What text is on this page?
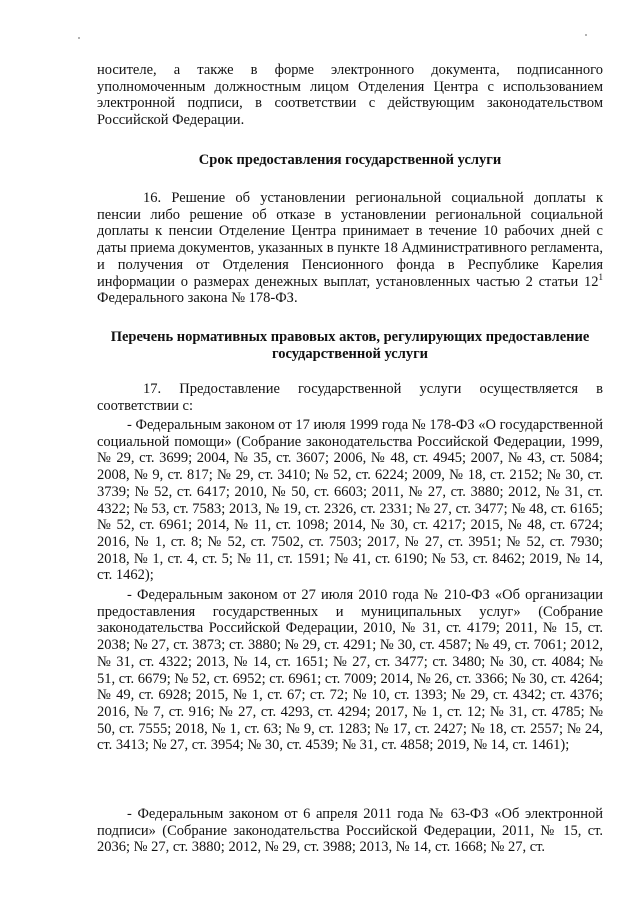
носителе, а также в форме электронного документа, подписанного уполномоченным должностным лицом Отделения Центра с использованием электронной подписи, в соответствии с действующим законодательством Российской Федерации.

Срок предоставления государственной услуги

16. Решение об установлении региональной социальной доплаты к пенсии либо решение об отказе в установлении региональной социальной доплаты к пенсии Отделение Центра принимает в течение 10 рабочих дней с даты приема документов, указанных в пункте 18 Административного регламента, и получения от Отделения Пенсионного фонда в Республике Карелия информации о размерах денежных выплат, установленных частью 2 статьи $12^1$ Федерального закона № 178-ФЗ.

Перечень нормативных правовых актов, регулирующих предоставление государственной услуги

17. Предоставление государственной услуги осуществляется в соответствии с:

- Федеральным законом от 17 июля 1999 года № 178-ФЗ «О государственной социальной помощи» (Собрание законодательства Российской Федерации, 1999, № 29, ст. 3699; 2004, № 35, ст. 3607; 2006, № 48, ст. 4945; 2007, № 43, ст. 5084; 2008, № 9, ст. 817; № 29, ст. 3410; № 52, ст. 6224; 2009, № 18, ст. 2152; № 30, ст. 3739; № 52, ст. 6417; 2010, № 50, ст. 6603; 2011, № 27, ст. 3880; 2012, № 31, ст. 4322; № 53, ст. 7583; 2013, № 19, ст. 2326, ст. 2331; № 27, ст. 3477; № 48, ст. 6165; № 52, ст. 6961; 2014, № 11, ст. 1098; 2014, № 30, ст. 4217; 2015, № 48, ст. 6724; 2016, № 1, ст. 8; № 52, ст. 7502, ст. 7503; 2017, № 27, ст. 3951; № 52, ст. 7930; 2018, № 1, ст. 4, ст. 5; № 11, ст. 1591; № 41, ст. 6190; № 53, ст. 8462; 2019, № 14, ст. 1462);

- Федеральным законом от 27 июля 2010 года № 210-ФЗ «Об организации предоставления государственных и муниципальных услуг» (Собрание законодательства Российской Федерации, 2010, № 31, ст. 4179; 2011, № 15, ст. 2038; № 27, ст. 3873; ст. 3880; № 29, ст. 4291; № 30, ст. 4587; № 49, ст. 7061; 2012, № 31, ст. 4322; 2013, № 14, ст. 1651; № 27, ст. 3477; ст. 3480; № 30, ст. 4084; № 51, ст. 6679; № 52, ст. 6952; ст. 6961; ст. 7009; 2014, № 26, ст. 3366; № 30, ст. 4264; № 49, ст. 6928; 2015, № 1, ст. 67; ст. 72; № 10, ст. 1393; № 29, ст. 4342; ст. 4376; 2016, № 7, ст. 916; № 27, ст. 4293, ст. 4294; 2017, № 1, ст. 12; № 31, ст. 4785; № 50, ст. 7555; 2018, № 1, ст. 63; № 9, ст. 1283; № 17, ст. 2427; № 18, ст. 2557; № 24, ст. 3413; № 27, ст. 3954; № 30, ст. 4539; № 31, ст. 4858; 2019, № 14, ст. 1461);

- Федеральным законом от 6 апреля 2011 года № 63-ФЗ «Об электронной подписи» (Собрание законодательства Российской Федерации, 2011, № 15, ст. 2036; № 27, ст. 3880; 2012, № 29, ст. 3988; 2013, № 14, ст. 1668; № 27, ст.
